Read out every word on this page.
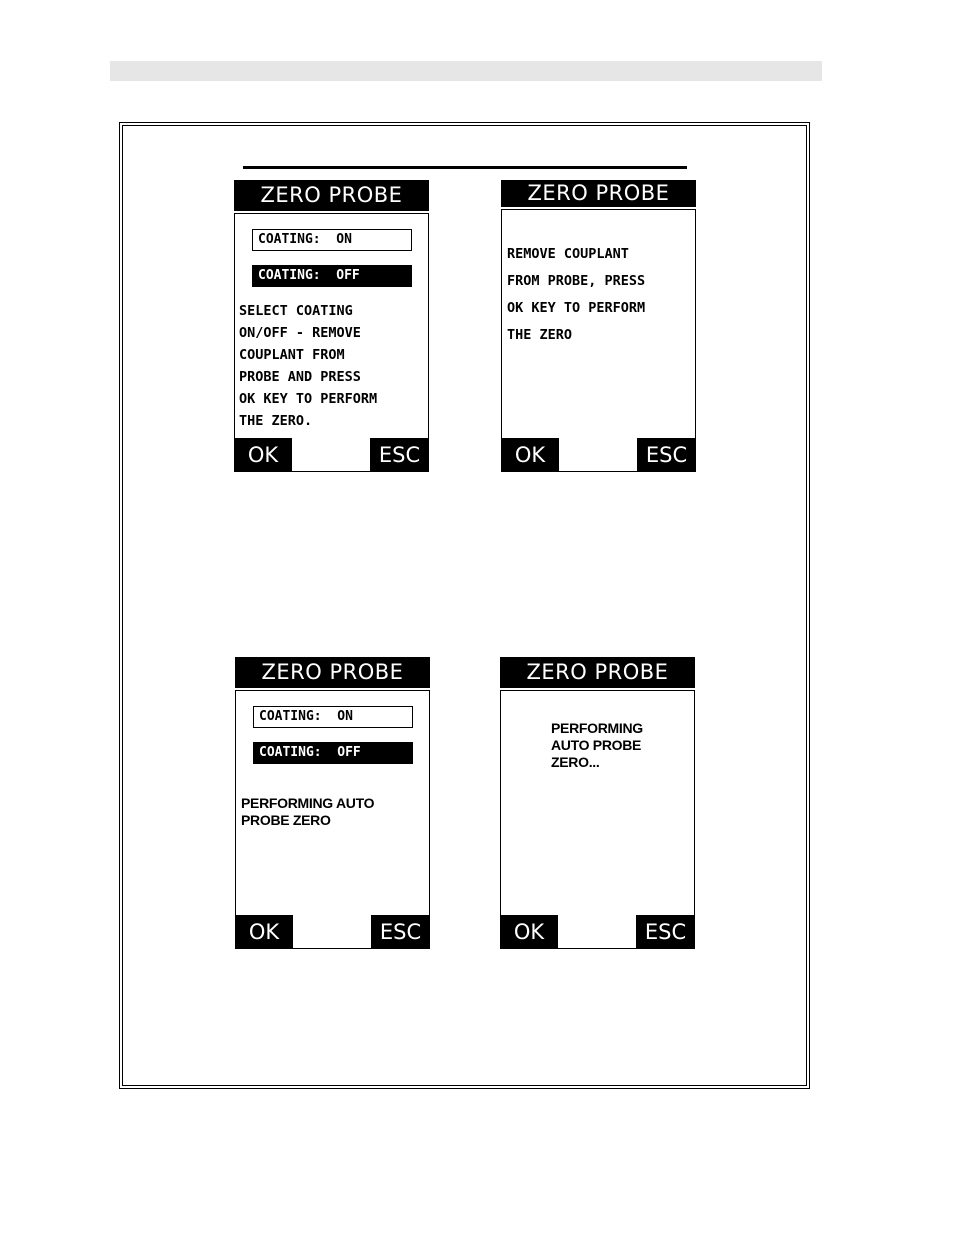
ZERO PROBE
COATING:  ON
COATING:  OFF
SELECT COATING
ON/OFF - REMOVE
COUPLANT FROM
PROBE AND PRESS
OK KEY TO PERFORM
THE ZERO.
OK	ESC
ZERO PROBE
REMOVE COUPLANT
FROM PROBE, PRESS
OK KEY TO PERFORM
THE ZERO
OK	ESC
ZERO PROBE
COATING:  ON
COATING:  OFF
PERFORMING AUTO
PROBE ZERO
OK	ESC
ZERO PROBE
PERFORMING
AUTO PROBE
ZERO...
OK	ESC
